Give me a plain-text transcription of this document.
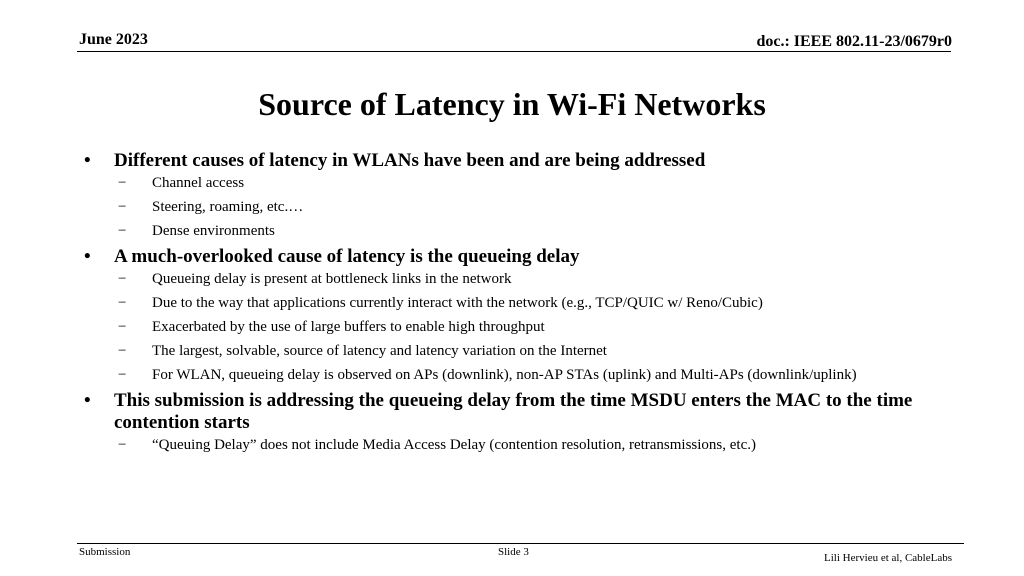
June 2023	doc.: IEEE 802.11-23/0679r0
Source of Latency in Wi-Fi Networks
•	Different causes of latency in WLANs have been and are being addressed
− Channel access
− Steering, roaming, etc.…
− Dense environments
•	A much-overlooked cause of latency is the queueing delay
− Queueing delay is present at bottleneck links in the network
− Due to the way that applications currently interact with the network (e.g., TCP/QUIC w/ Reno/Cubic)
− Exacerbated by the use of large buffers to enable high throughput
− The largest, solvable, source of latency and latency variation on the Internet
− For WLAN, queueing delay is observed on APs (downlink), non-AP STAs (uplink) and Multi-APs (downlink/uplink)
•	This submission is addressing the queueing delay from the time MSDU enters the MAC to the time contention starts
− “Queuing Delay” does not include Media Access Delay (contention resolution, retransmissions, etc.)
Submission	Slide 3	Lili Hervieu et al, CableLabs
